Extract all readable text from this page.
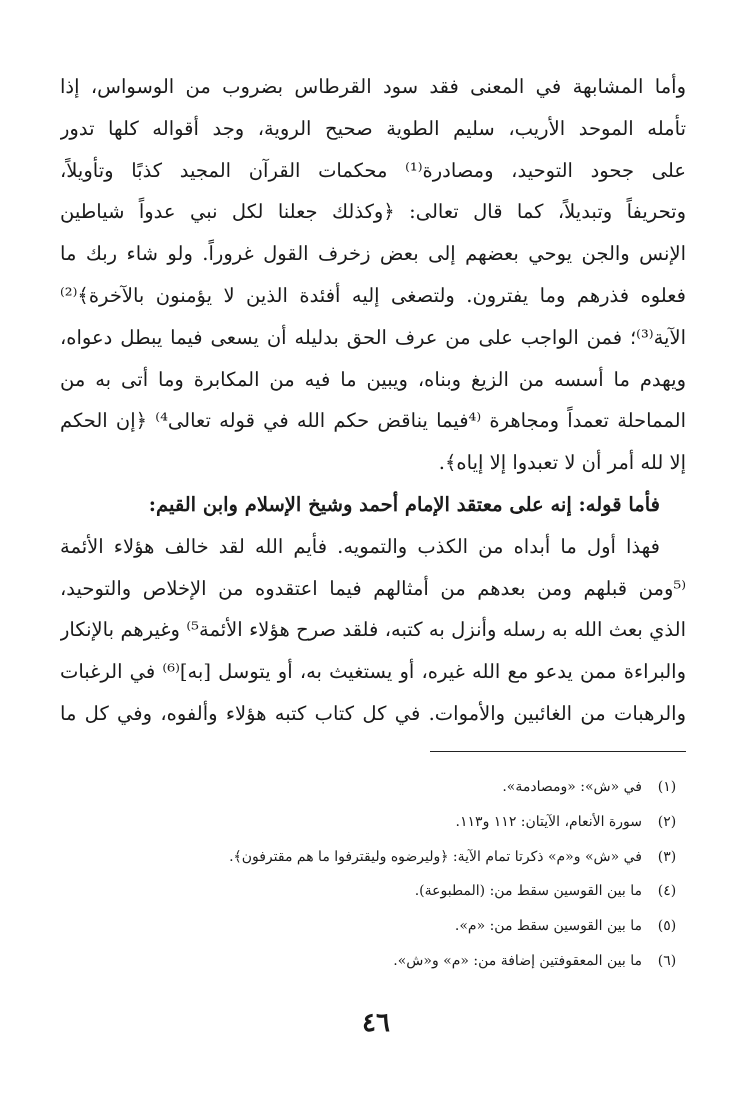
وأما المشابهة في المعنى فقد سود القرطاس بضروب من الوسواس، إذا
تأمله الموحد الأريب، سليم الطوية صحيح الروية، وجد أقواله كلها تدور
على جحود التوحيد، ومصادرة⁽¹⁾ محكمات القرآن المجيد كذبًا وتأويلاً،
وتحريفاً وتبديلاً، كما قال تعالى: ﴿وكذلك جعلنا لكل نبي عدواً شياطين
الإنس والجن يوحي بعضهم إلى بعض زخرف القول غروراً. ولو شاء ربك ما
فعلوه فذرهم وما يفترون. ولتصغى إليه أفئدة الذين لا يؤمنون بالآخرة﴾⁽²⁾
الآية⁽³⁾؛ فمن الواجب على من عرف الحق بدليله أن يسعى فيما يبطل دعواه،
ويهدم ما أسسه من الزيغ وبناه، ويبين ما فيه من المكابرة وما أتى به من
المماحلة تعمداً ومجاهرة ⁽⁴فيما يناقض حكم الله في قوله تعالى⁴⁾ ﴿إن الحكم
إلا لله أمر أن لا تعبدوا إلا إياه﴾.
فأما قوله: إنه على معتقد الإمام أحمد وشيخ الإسلام وابن القيم:
فهذا أول ما أبداه من الكذب والتمويه. فأيم الله لقد خالف هؤلاء الأئمة
⁽⁵ومن قبلهم ومن بعدهم من أمثالهم فيما اعتقدوه من الإخلاص والتوحيد،
الذي بعث الله به رسله وأنزل به كتبه، فلقد صرح هؤلاء الأئمة⁵⁾ وغيرهم بالإنكار
والبراءة ممن يدعو مع الله غيره، أو يستغيث به، أو يتوسل [به]⁽⁶⁾ في الرغبات
والرهبات من الغائبين والأموات. في كل كتاب كتبه هؤلاء وألفوه، وفي كل ما
(١)
في «ش»: «ومصادمة».
(٢)
سورة الأنعام، الآيتان: ١١٢ و١١٣.
(٣)
في «ش» و«م» ذكرتا تمام الآية: ﴿وليرضوه وليقترفوا ما هم مقترفون﴾.
(٤)
ما بين القوسين سقط من: (المطبوعة).
(٥)
ما بين القوسين سقط من: «م».
(٦)
ما بين المعقوفتين إضافة من: «م» و«ش».
٤٦
